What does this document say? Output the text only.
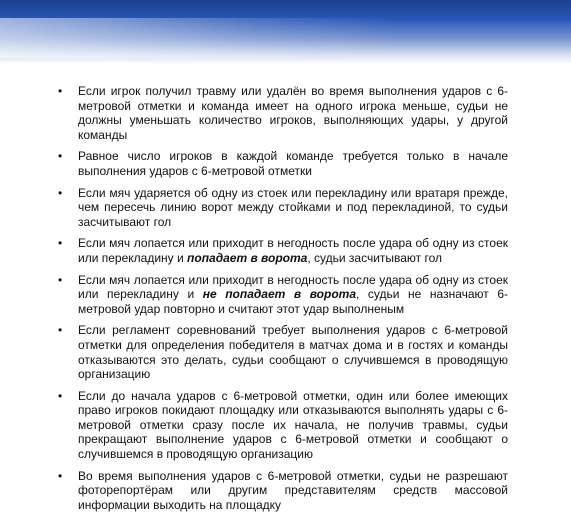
• Если игрок получил травму или удалён во время выполнения ударов с 6-метровой отметки и команда имеет на одного игрока меньше, судьи не должны уменьшать количество игроков, выполняющих удары, у другой команды
• Равное число игроков в каждой команде требуется только в начале выполнения ударов с 6-метровой отметки
• Если мяч ударяется об одну из стоек или перекладину или вратаря прежде, чем пересечь линию ворот между стойками и под перекладиной, то судьи засчитывают гол
• Если мяч лопается или приходит в негодность после удара об одну из стоек или перекладину и попадает в ворота, судьи засчитывают гол
• Если мяч лопается или приходит в негодность после удара об одну из стоек или перекладину и не попадает в ворота, судьи не назначают 6-метровой удар повторно и считают этот удар выполненым
• Если регламент соревнований требует выполнения ударов с 6-метровой отметки для определения победителя в матчах дома и в гостях и команды отказываются это делать, судьи сообщают о случившемся в проводящую организацию
• Если до начала ударов с 6-метровой отметки, один или более имеющих право игроков покидают площадку или отказываются выполнять удары с 6-метровой отметки сразу после их начала, не получив травмы, судьи прекращают выполнение ударов с 6-метровой отметки и сообщают о случившемся в проводящую организацию
• Во время выполнения ударов с 6-метровой отметки, судьи не разрешают фоторепортёрам или другим представителям средств массовой информации выходить на площадку
